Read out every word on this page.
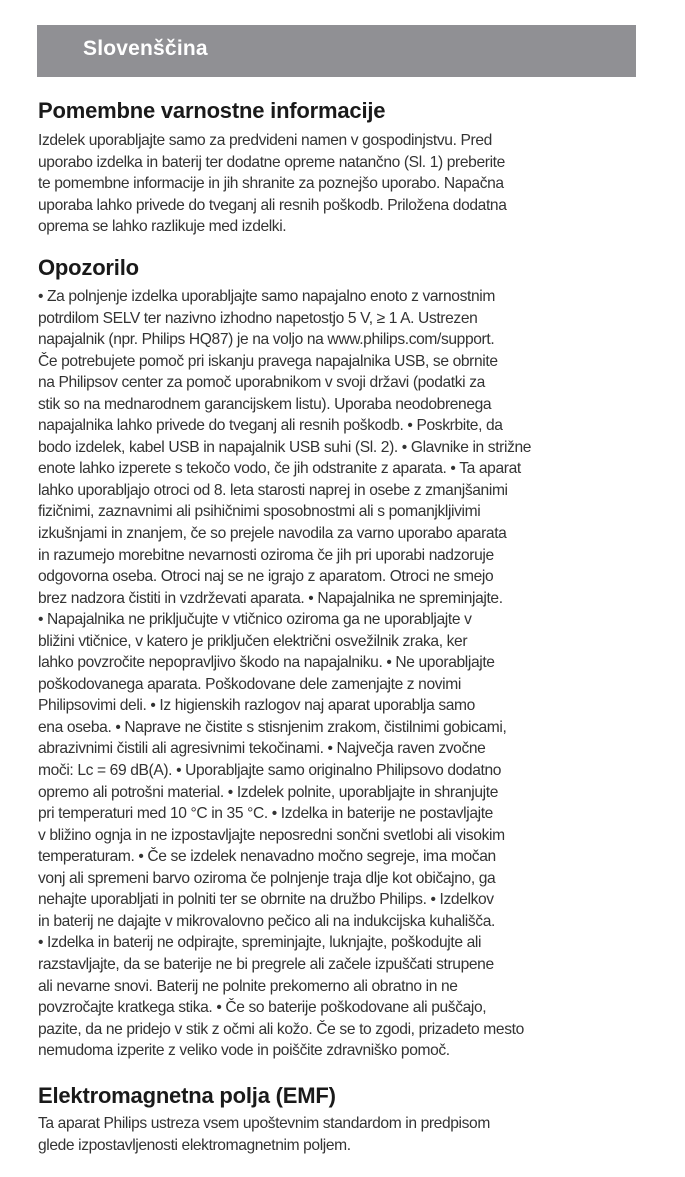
Slovenščina
Pomembne varnostne informacije
Izdelek uporabljajte samo za predvideni namen v gospodinjstvu. Pred
uporabo izdelka in baterij ter dodatne opreme natančno (Sl. 1) preberite
te pomembne informacije in jih shranite za poznejšo uporabo. Napačna
uporaba lahko privede do tveganj ali resnih poškodb. Priložena dodatna
oprema se lahko razlikuje med izdelki.
Opozorilo
• Za polnjenje izdelka uporabljajte samo napajalno enoto z varnostnim
potrdilom SELV ter nazivno izhodno napetostjo 5 V, ≥ 1 A. Ustrezen
napajalnik (npr. Philips HQ87) je na voljo na www.philips.com/support.
Če potrebujete pomoč pri iskanju pravega napajalnika USB, se obrnite
na Philipsov center za pomoč uporabnikom v svoji državi (podatki za
stik so na mednarodnem garancijskem listu). Uporaba neodobrenega
napajalnika lahko privede do tveganj ali resnih poškodb. • Poskrbite, da
bodo izdelek, kabel USB in napajalnik USB suhi (Sl. 2). • Glavnike in strižne
enote lahko izperete s tekočo vodo, če jih odstranite z aparata. • Ta aparat
lahko uporabljajo otroci od 8. leta starosti naprej in osebe z zmanjšanimi
fizičnimi, zaznavnimi ali psihičnimi sposobnostmi ali s pomanjkljivimi
izkušnjami in znanjem, če so prejele navodila za varno uporabo aparata
in razumejo morebitne nevarnosti oziroma če jih pri uporabi nadzoruje
odgovorna oseba. Otroci naj se ne igrajo z aparatom. Otroci ne smejo
brez nadzora čistiti in vzdrževati aparata. • Napajalnika ne spreminjajte.
• Napajalnika ne priključujte v vtičnico oziroma ga ne uporabljajte v
bližini vtičnice, v katero je priključen električni osvežilnik zraka, ker
lahko povzročite nepopravljivo škodo na napajalniku. • Ne uporabljajte
poškodovanega aparata. Poškodovane dele zamenjajte z novimi
Philipsovimi deli. • Iz higienskih razlogov naj aparat uporablja samo
ena oseba. • Naprave ne čistite s stisnjenim zrakom, čistilnimi gobicami,
abrazivnimi čistili ali agresivnimi tekočinami. • Največja raven zvočne
moči: Lc = 69 dB(A). • Uporabljajte samo originalno Philipsovo dodatno
opremo ali potrošni material. • Izdelek polnite, uporabljajte in shranjujte
pri temperaturi med 10 °C in 35 °C. • Izdelka in baterije ne postavljajte
v bližino ognja in ne izpostavljajte neposredni sončni svetlobi ali visokim
temperaturam. • Če se izdelek nenavadno močno segreje, ima močan
vonj ali spremeni barvo oziroma če polnjenje traja dlje kot običajno, ga
nehajte uporabljati in polniti ter se obrnite na družbo Philips. • Izdelkov
in baterij ne dajajte v mikrovalovno pečico ali na indukcijska kuhališča.
• Izdelka in baterij ne odpirajte, spreminjajte, luknjajte, poškodujte ali
razstavljajte, da se baterije ne bi pregrele ali začele izpuščati strupene
ali nevarne snovi. Baterij ne polnite prekomerno ali obratno in ne
povzročajte kratkega stika. • Če so baterije poškodovane ali puščajo,
pazite, da ne pridejo v stik z očmi ali kožo. Če se to zgodi, prizadeto mesto
nemudoma izperite z veliko vode in poiščite zdravniško pomoč.
Elektromagnetna polja (EMF)
Ta aparat Philips ustreza vsem upoštevnim standardom in predpisom
glede izpostavljenosti elektromagnetnim poljem.
